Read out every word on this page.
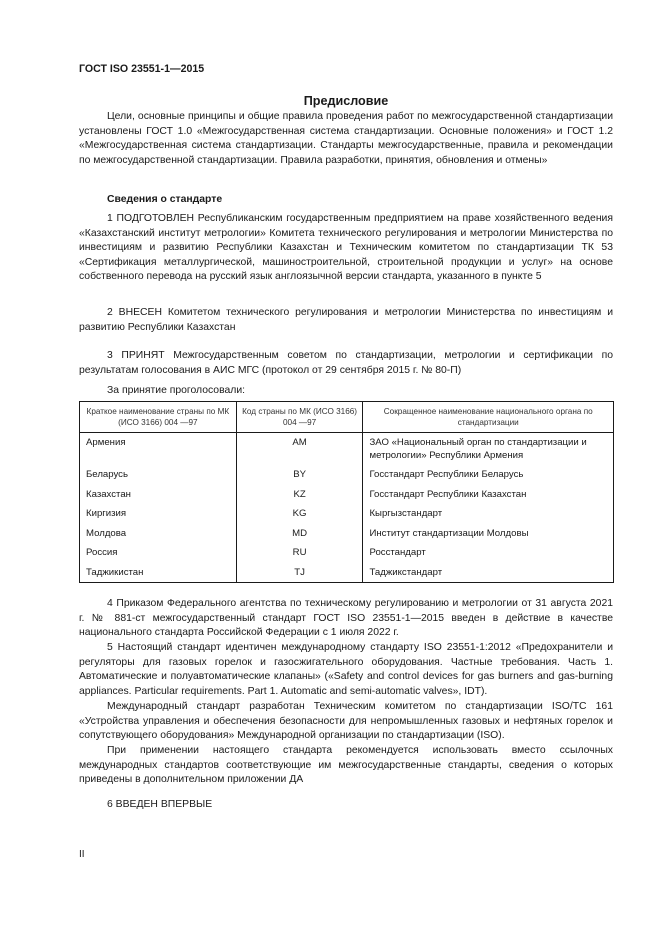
ГОСТ ISO 23551-1—2015
Предисловие

Цели, основные принципы и общие правила проведения работ по межгосударственной стандартизации установлены ГОСТ 1.0 «Межгосударственная система стандартизации. Основные положения» и ГОСТ 1.2 «Межгосударственная система стандартизации. Стандарты межгосударственные, правила и рекомендации по межгосударственной стандартизации. Правила разработки, принятия, обновления и отмены»

Сведения о стандарте

1 ПОДГОТОВЛЕН Республиканским государственным предприятием на праве хозяйственного ведения «Казахстанский институт метрологии» Комитета технического регулирования и метрологии Министерства по инвестициям и развитию Республики Казахстан и Техническим комитетом по стандартизации ТК 53 «Сертификация металлургической, машиностроительной, строительной продукции и услуг» на основе собственного перевода на русский язык англоязычной версии стандарта, указанного в пункте 5

2 ВНЕСЕН Комитетом технического регулирования и метрологии Министерства по инвестициям и развитию Республики Казахстан

3 ПРИНЯТ Межгосударственным советом по стандартизации, метрологии и сертификации по результатам голосования в АИС МГС (протокол от 29 сентября 2015 г. № 80-П)

За принятие проголосовали:
Краткое наименование страны по МК (ИСО 3166) 004 —97	Код страны по МК (ИСО 3166) 004 —97	Сокращенное наименование национального органа по стандартизации
Армения	AM	ЗАО «Национальный орган по стандартизации и метрологии» Республики Армения
Беларусь	BY	Госстандарт Республики Беларусь
Казахстан	KZ	Госстандарт Республики Казахстан
Киргизия	KG	Кыргызстандарт
Молдова	MD	Институт стандартизации Молдовы
Россия	RU	Росстандарт
Таджикистан	TJ	Таджикстандарт

4 Приказом Федерального агентства по техническому регулированию и метрологии от 31 августа 2021 г. № 881-ст межгосударственный стандарт ГОСТ ISO 23551-1—2015 введен в действие в качестве национального стандарта Российской Федерации с 1 июля 2022 г.

5 Настоящий стандарт идентичен международному стандарту ISO 23551-1:2012 «Предохранители и регуляторы для газовых горелок и газосжигательного оборудования. Частные требования. Часть 1. Автоматические и полуавтоматические клапаны» («Safety and control devices for gas burners and gas-burning appliances. Particular requirements. Part 1. Automatic and semi-automatic valves», IDT).

Международный стандарт разработан Техническим комитетом по стандартизации ISO/TC 161 «Устройства управления и обеспечения безопасности для непромышленных газовых и нефтяных горелок и сопутствующего оборудования» Международной организации по стандартизации (ISO).

При применении настоящего стандарта рекомендуется использовать вместо ссылочных международных стандартов соответствующие им межгосударственные стандарты, сведения о которых приведены в дополнительном приложении ДА

6 ВВЕДЕН ВПЕРВЫЕ
II
